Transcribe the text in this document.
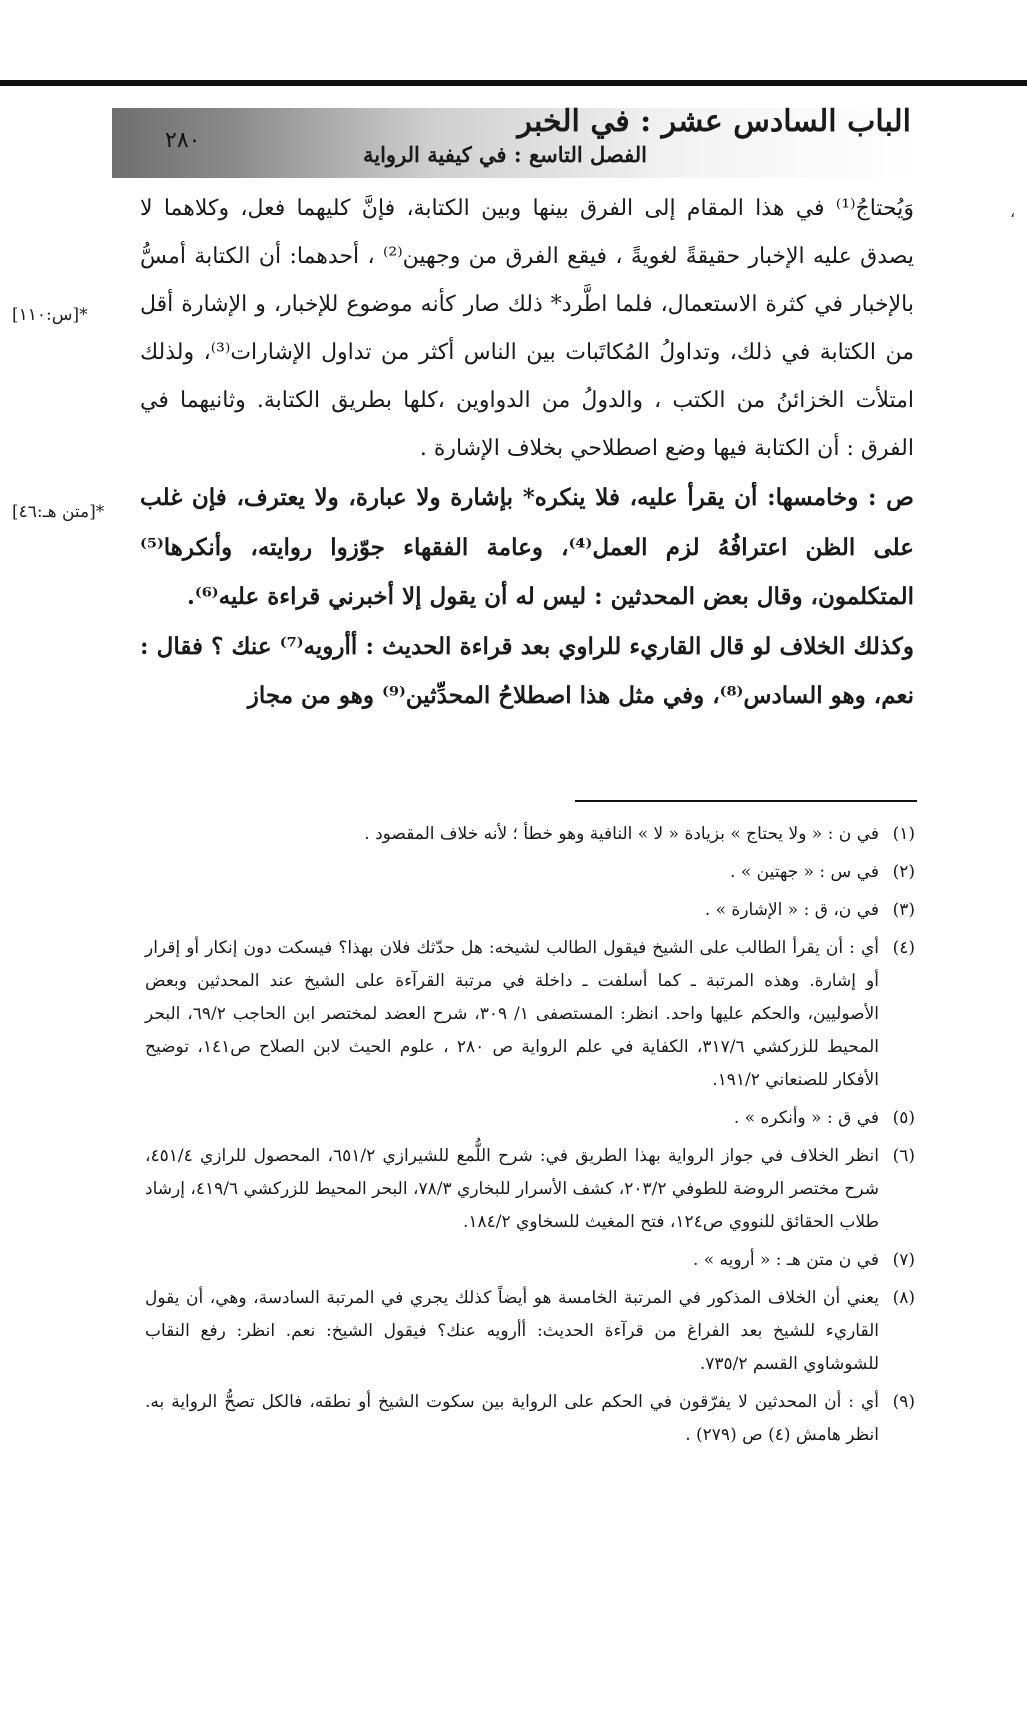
٢٨٠
الباب السادس عشر : في الخبر
الفصل التاسع : في كيفية الرواية
،
*[س:١١٠]
*[متن هـ:٤٦]

وَيُحتاجُ⁽¹⁾ في هذا المقام إلى الفرق بينها وبين الكتابة، فإنَّ كليهما فعل، وكلاهما لا يصدق عليه الإخبار حقيقةً لغويةً ، فيقع الفرق من وجهين⁽²⁾ ، أحدهما: أن الكتابة أمسُّ بالإخبار في كثرة الاستعمال، فلما اطَّرد* ذلك صار كأنه موضوع للإخبار، و الإشارة أقل من الكتابة في ذلك، وتداولُ المُكاتَبات بين الناس أكثر من تداول الإشارات⁽³⁾، ولذلك امتلأت الخزائنُ من الكتب ، والدولُ من الدواوين ،كلها بطريق الكتابة. وثانيهما في الفرق : أن الكتابة فيها وضع اصطلاحي بخلاف الإشارة .

ص : وخامسها: أن يقرأ عليه، فلا ينكره* بإشارة ولا عبارة، ولا يعترف، فإن غلب على الظن اعترافُهُ لزم العمل⁽⁴⁾، وعامة الفقهاء جوّزوا روايته، وأنكرها⁽⁵⁾ المتكلمون، وقال بعض المحدثين : ليس له أن يقول إلا أخبرني قراءة عليه⁽⁶⁾.

وكذلك الخلاف لو قال القاريء للراوي بعد قراءة الحديث : أأرويه⁽⁷⁾ عنك ؟ فقال : نعم، وهو السادس⁽⁸⁾، وفي مثل هذا اصطلاحُ المحدِّثين⁽⁹⁾ وهو من مجاز

(١)
في ن : « ولا يحتاج » بزيادة « لا » النافية وهو خطأ ؛ لأنه خلاف المقصود .
(٢)
في س : « جهتين » .
(٣)
في ن، ق : « الإشارة » .
(٤)
أي : أن يقرأ الطالب على الشيخ فيقول الطالب لشيخه: هل حدّثك فلان بهذا؟ فيسكت دون إنكار أو إقرار أو إشارة. وهذه المرتبة ـ كما أسلفت ـ داخلة في مرتبة القرآءة على الشيخ عند المحدثين وبعض الأصوليين، والحكم عليها واحد. انظر: المستصفى ١/ ٣٠٩، شرح العضد لمختصر ابن الحاجب ٦٩/٢، البحر المحيط للزركشي ٣١٧/٦، الكفاية في علم الرواية ص ٢٨٠ ، علوم الحيث لابن الصلاح ص١٤١، توضيح الأفكار للصنعاني ١٩١/٢.
(٥)
في ق : « وأنكره » .
(٦)
انظر الخلاف في جواز الرواية بهذا الطريق في: شرح اللُّمع للشيرازي ٦٥١/٢، المحصول للرازي ٤٥١/٤، شرح مختصر الروضة للطوفي ٢٠٣/٢، كشف الأسرار للبخاري ٧٨/٣، البحر المحيط للزركشي ٤١٩/٦، إرشاد طلاب الحقائق للنووي ص١٢٤، فتح المغيث للسخاوي ١٨٤/٢.
(٧)
في ن متن هـ : « أرويه » .
(٨)
يعني أن الخلاف المذكور في المرتبة الخامسة هو أيضاً كذلك يجري في المرتبة السادسة، وهي، أن يقول القاريء للشيخ بعد الفراغ من قرآءة الحديث: أأرويه عنك؟ فيقول الشيخ: نعم. انظر: رفع النقاب للشوشاوي القسم ٧٣٥/٢.
(٩)
أي : أن المحدثين لا يفرّقون في الحكم على الرواية بين سكوت الشيخ أو نطقه، فالكل تصحُّ الرواية به. انظر هامش (٤) ص (٢٧٩) .
